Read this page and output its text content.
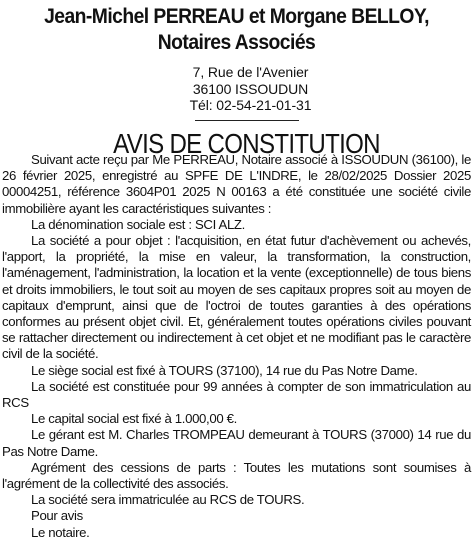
Jean-Michel PERREAU et Morgane BELLOY, Notaires Associés
7, Rue de l'Avenier
36100 ISSOUDUN
Tél: 02-54-21-01-31
AVIS DE CONSTITUTION

Suivant acte reçu par Me PERREAU, Notaire associé à ISSOUDUN (36100), le 26 février 2025, enregistré au SPFE DE L'INDRE, le 28/02/2025 Dossier 2025 00004251, référence 3604P01 2025 N 00163 a été constituée une société civile immobilière ayant les caractéristiques suivantes :

La dénomination sociale est : SCI ALZ.

La société a pour objet : l'acquisition, en état futur d'achèvement ou achevés, l'apport, la propriété, la mise en valeur, la transformation, la construction, l'aménagement, l'administration, la location et la vente (exceptionnelle) de tous biens et droits immobiliers, le tout soit au moyen de ses capitaux propres soit au moyen de capitaux d'emprunt, ainsi que de l'octroi de toutes garanties à des opérations conformes au présent objet civil. Et, généralement toutes opérations civiles pouvant se rattacher directement ou indirectement à cet objet et ne modifiant pas le caractère civil de la société.

Le siège social est fixé à TOURS (37100), 14 rue du Pas Notre Dame.

La société est constituée pour 99 années à compter de son immatriculation au RCS

Le capital social est fixé à 1.000,00 €.

Le gérant est M. Charles TROMPEAU demeurant à TOURS (37000) 14 rue du Pas Notre Dame.

Agrément des cessions de parts : Toutes les mutations sont soumises à l'agrément de la collectivité des associés.

La société sera immatriculée au RCS de TOURS.

Pour avis

Le notaire.
